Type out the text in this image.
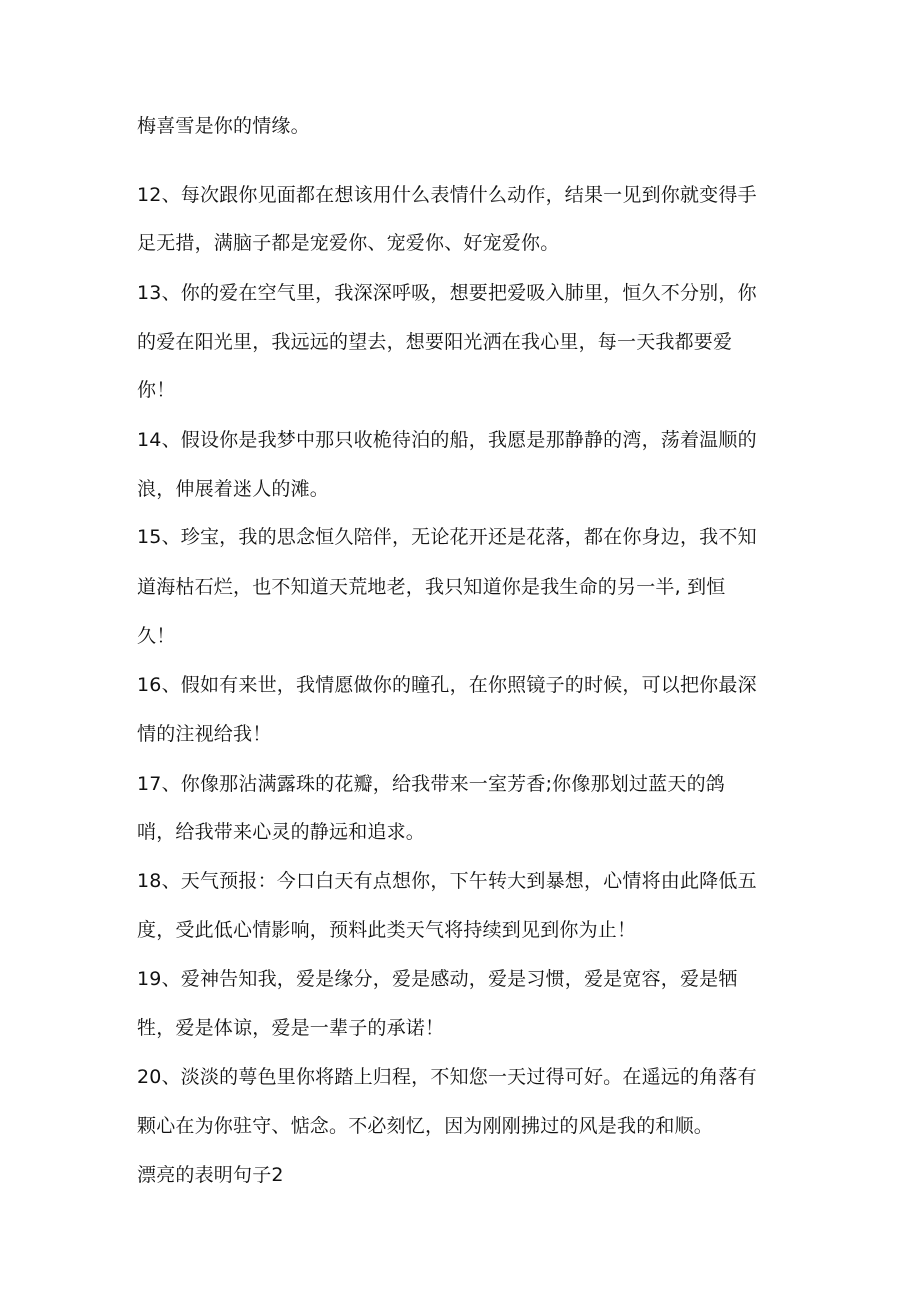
梅喜雪是你的情缘。
12、每次跟你见面都在想该用什么表情什么动作，结果一见到你就变得手
足无措，满脑子都是宠爱你、宠爱你、好宠爱你。
13、你的爱在空气里，我深深呼吸，想要把爱吸入肺里，恒久不分别，你
的爱在阳光里，我远远的望去，想要阳光洒在我心里，每一天我都要爱
你！
14、假设你是我梦中那只收桅待泊的船，我愿是那静静的湾，荡着温顺的
浪，伸展着迷人的滩。
15、珍宝，我的思念恒久陪伴，无论花开还是花落，都在你身边，我不知
道海枯石烂，也不知道天荒地老，我只知道你是我生命的另一半, 到恒
久！
16、假如有来世，我情愿做你的瞳孔，在你照镜子的时候，可以把你最深
情的注视给我！
17、你像那沾满露珠的花瓣，给我带来一室芳香;你像那划过蓝天的鸽
哨，给我带来心灵的静远和追求。
18、天气预报：今口白天有点想你，下午转大到暴想，心情将由此降低五
度，受此低心情影响，预料此类天气将持续到见到你为止！
19、爱神告知我，爱是缘分，爱是感动，爱是习惯，爱是宽容，爱是牺
牲，爱是体谅，爱是一辈子的承诺！
20、淡淡的萼色里你将踏上归程，不知您一天过得可好。在遥远的角落有
颗心在为你驻守、惦念。不必刻忆，因为刚刚拂过的风是我的和顺。
漂亮的表明句子2
